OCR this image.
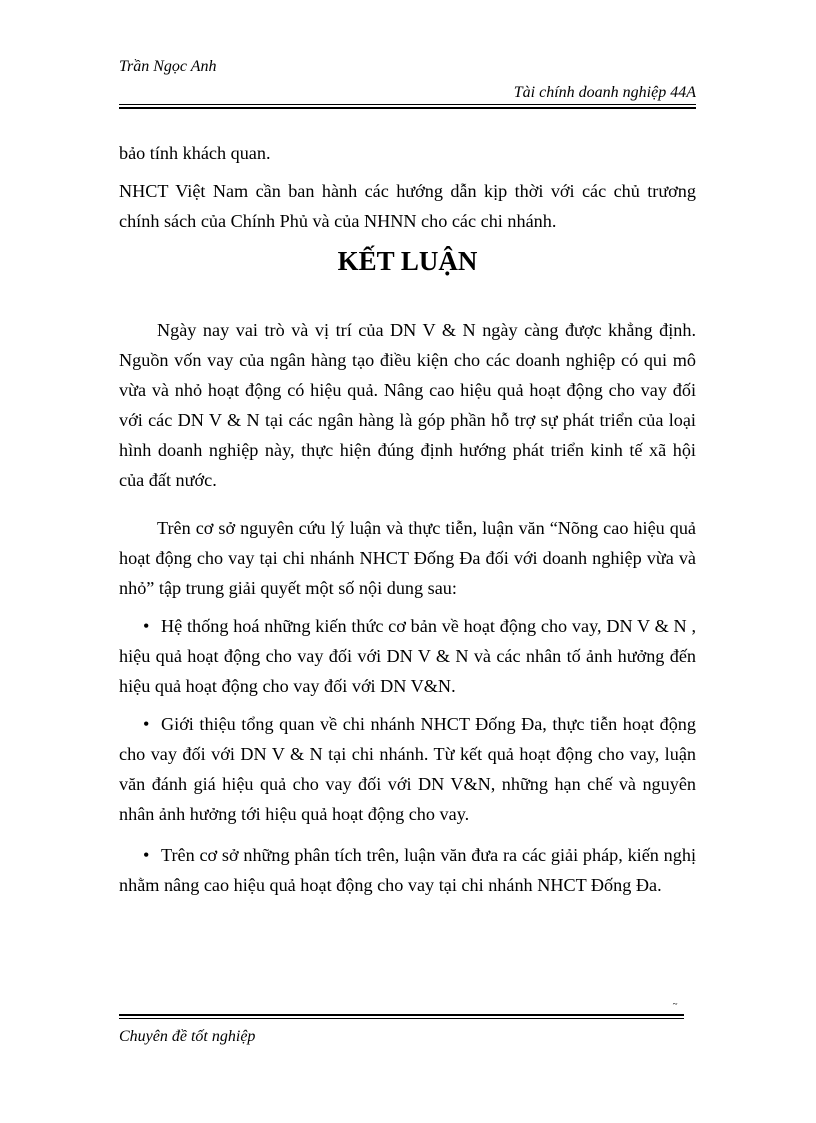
Trần Ngọc Anh
Tài chính doanh nghiệp 44A
bảo tính khách quan.
NHCT Việt Nam cần ban hành các hướng dẫn kịp thời với các chủ trương chính sách của Chính Phủ và của NHNN cho các chi nhánh.
KẾT LUẬN
Ngày nay vai trò và vị trí của DN V & N ngày càng được khẳng định. Nguồn vốn vay của ngân hàng tạo điều kiện cho các doanh nghiệp có qui mô vừa và nhỏ hoạt động có hiệu quả. Nâng cao hiệu quả hoạt động cho vay đối với các DN V & N tại các ngân hàng là góp phần hỗ trợ sự phát triển của loại hình doanh nghiệp này, thực hiện đúng định hướng phát triển kinh tế xã hội của đất nước.
Trên cơ sở nguyên cứu lý luận và thực tiễn, luận văn “Nõng cao hiệu quả hoạt động cho vay tại chi nhánh NHCT Đống Đa đối với doanh nghiệp vừa và nhỏ” tập trung giải quyết một số nội dung sau:
• Hệ thống hoá những kiến thức cơ bản về hoạt động cho vay, DN V & N , hiệu quả hoạt động cho vay đối với DN V & N và các nhân tố ảnh hưởng đến hiệu quả hoạt động cho vay đối với DN V&N.
• Giới thiệu tổng quan về chi nhánh NHCT Đống Đa, thực tiễn hoạt động cho vay đối với DN V & N tại chi nhánh. Từ kết quả hoạt động cho vay, luận văn đánh giá hiệu quả cho vay đối với DN V&N, những hạn chế và nguyên nhân ảnh hưởng tới hiệu quả hoạt động cho vay.
• Trên cơ sở những phân tích trên, luận văn đưa ra các giải pháp, kiến nghị nhằm nâng cao hiệu quả hoạt động cho vay tại chi nhánh NHCT Đống Đa.
~
Chuyên đề tốt nghiệp
